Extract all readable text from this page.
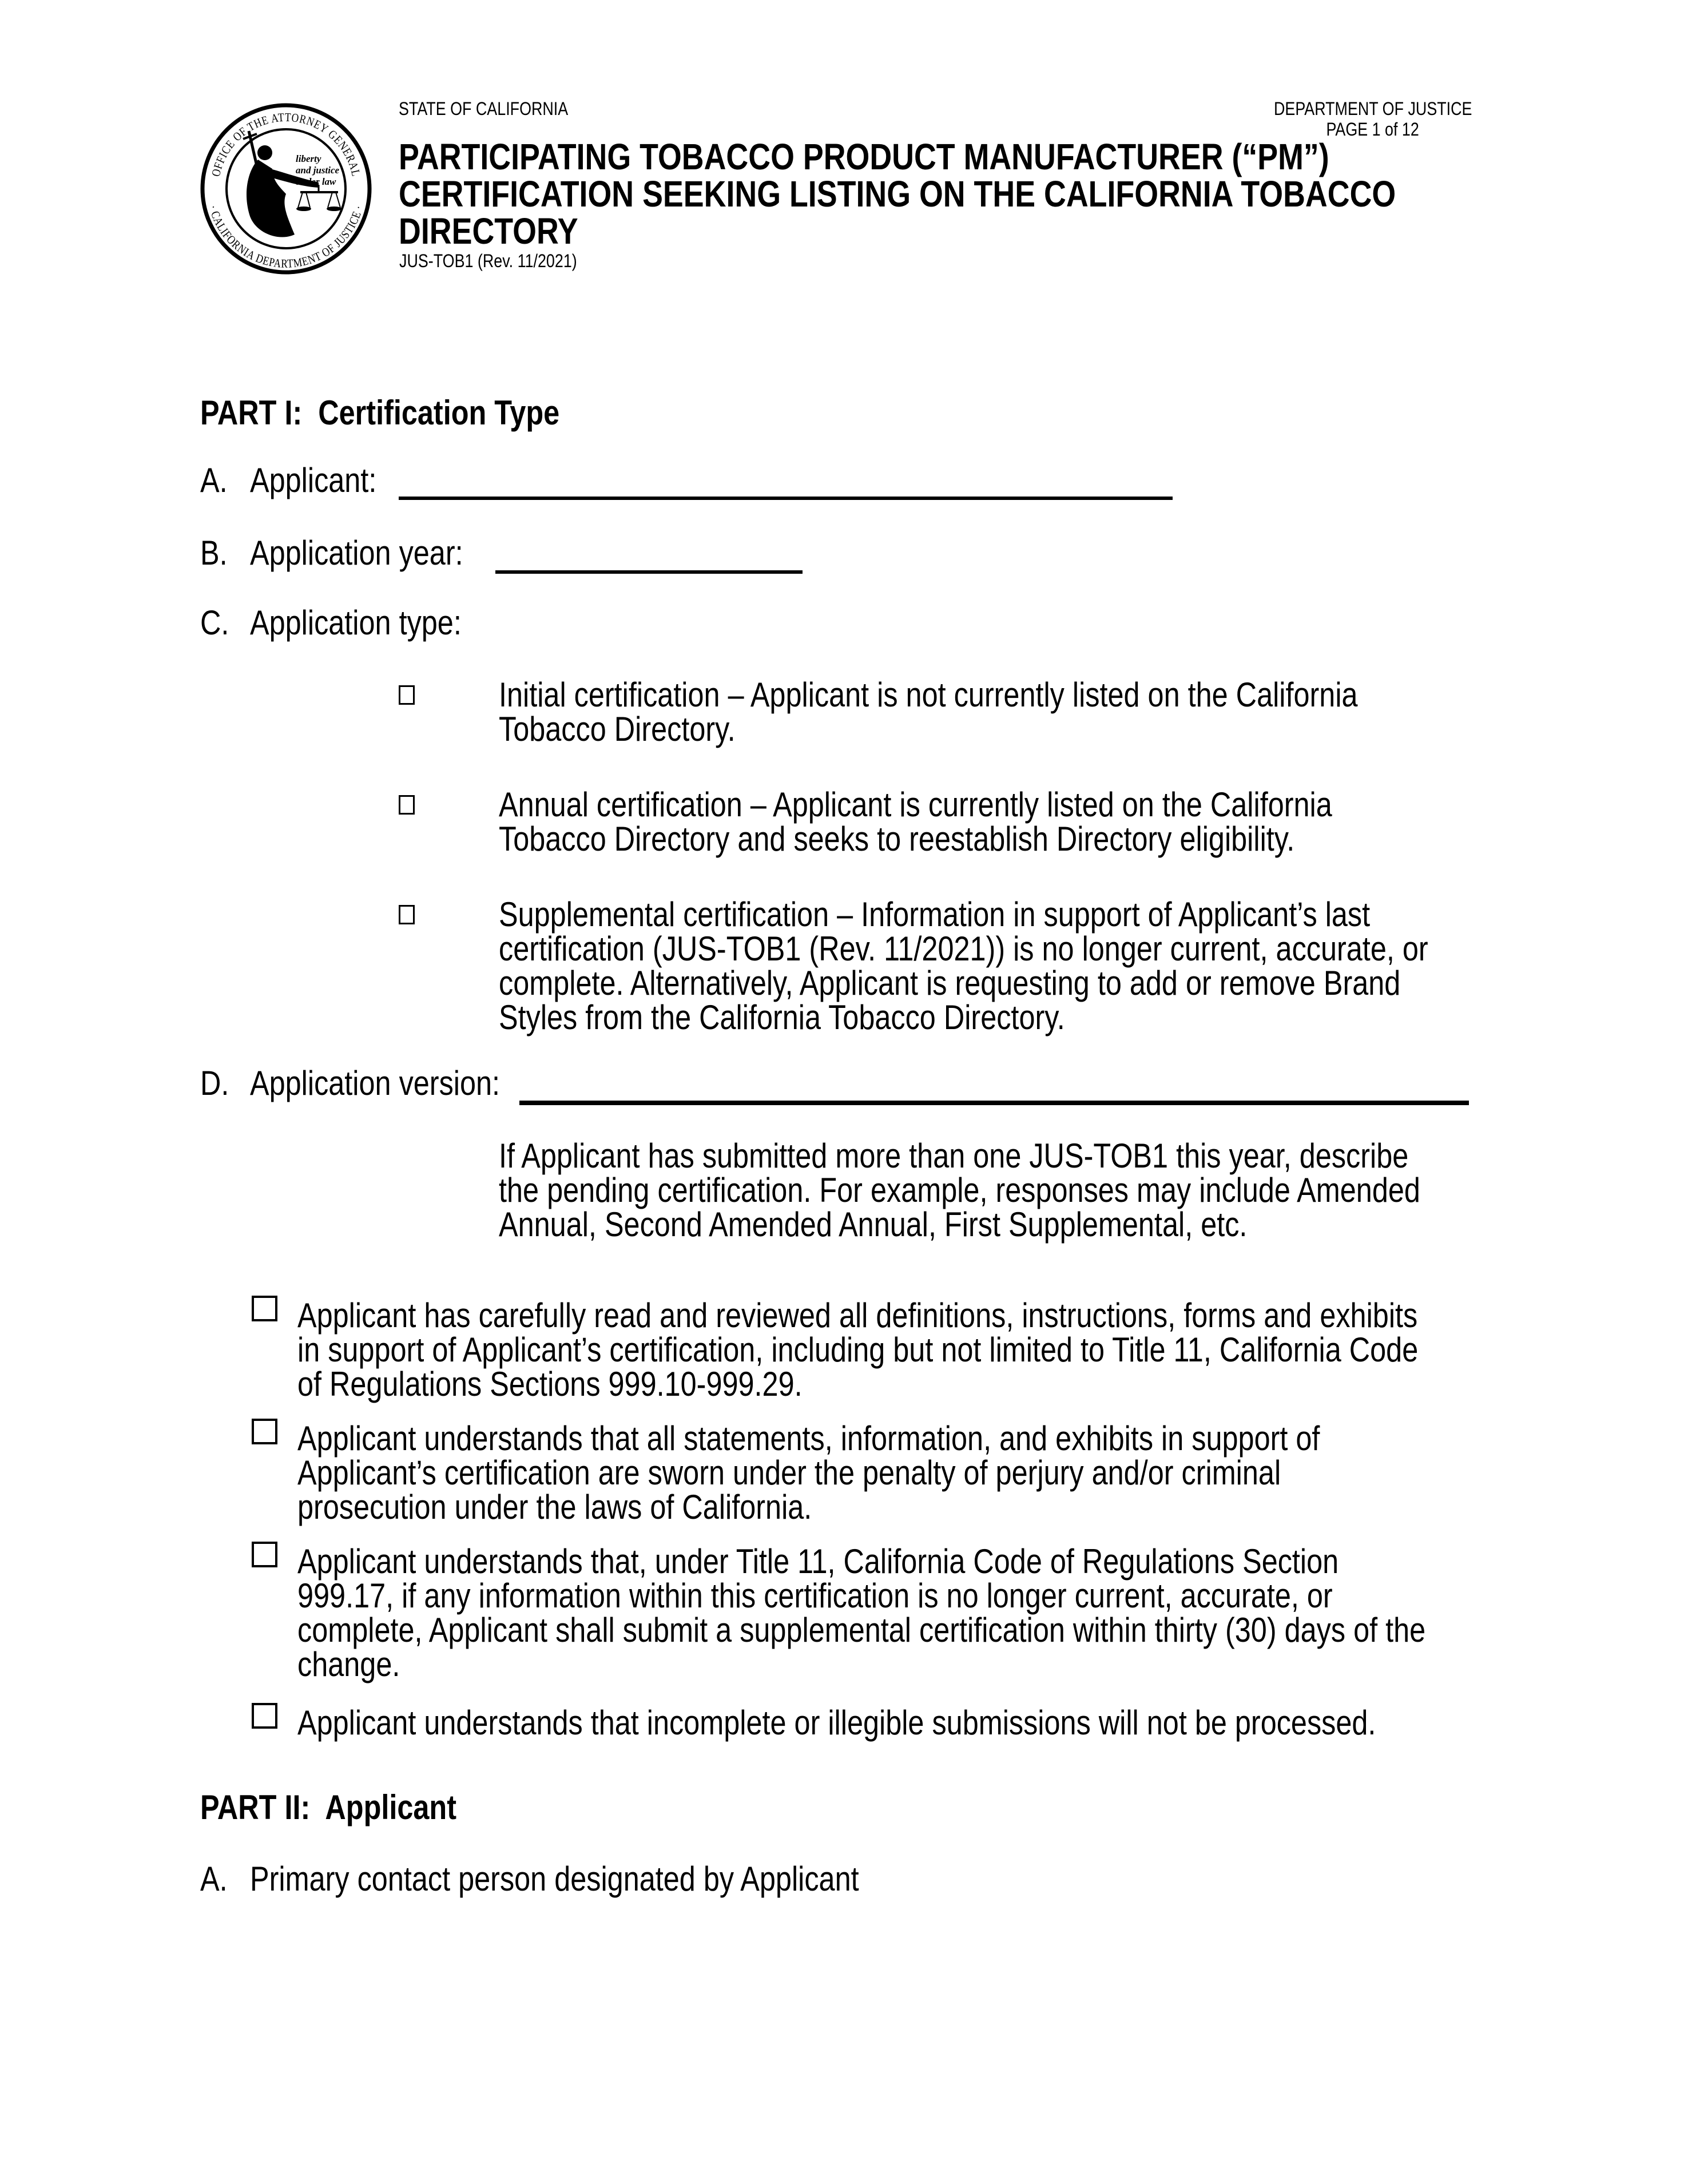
OFFICE OF THE ATTORNEY GENERAL
· CALIFORNIA DEPARTMENT OF JUSTICE ·
liberty
and justice
under law
STATE OF CALIFORNIA	DEPARTMENT OF JUSTICE
PAGE 1 of 12
PARTICIPATING TOBACCO PRODUCT MANUFACTURER (“PM”)
CERTIFICATION SEEKING LISTING ON THE CALIFORNIA TOBACCO
DIRECTORY
JUS-TOB1 (Rev. 11/2021)
PART I:  Certification Type
A. Applicant:
B. Application year:
C. Application type:
Initial certification – Applicant is not currently listed on the California
Tobacco Directory.
Annual certification – Applicant is currently listed on the California
Tobacco Directory and seeks to reestablish Directory eligibility.
Supplemental certification – Information in support of Applicant’s last
certification (JUS-TOB1 (Rev. 11/2021)) is no longer current, accurate, or
complete. Alternatively, Applicant is requesting to add or remove Brand
Styles from the California Tobacco Directory.
D. Application version:
If Applicant has submitted more than one JUS-TOB1 this year, describe
the pending certification. For example, responses may include Amended
Annual, Second Amended Annual, First Supplemental, etc.
Applicant has carefully read and reviewed all definitions, instructions, forms and exhibits
in support of Applicant’s certification, including but not limited to Title 11, California Code
of Regulations Sections 999.10-999.29.
Applicant understands that all statements, information, and exhibits in support of
Applicant’s certification are sworn under the penalty of perjury and/or criminal
prosecution under the laws of California.
Applicant understands that, under Title 11, California Code of Regulations Section
999.17, if any information within this certification is no longer current, accurate, or
complete, Applicant shall submit a supplemental certification within thirty (30) days of the
change.
Applicant understands that incomplete or illegible submissions will not be processed.
PART II:  Applicant
A. Primary contact person designated by Applicant
